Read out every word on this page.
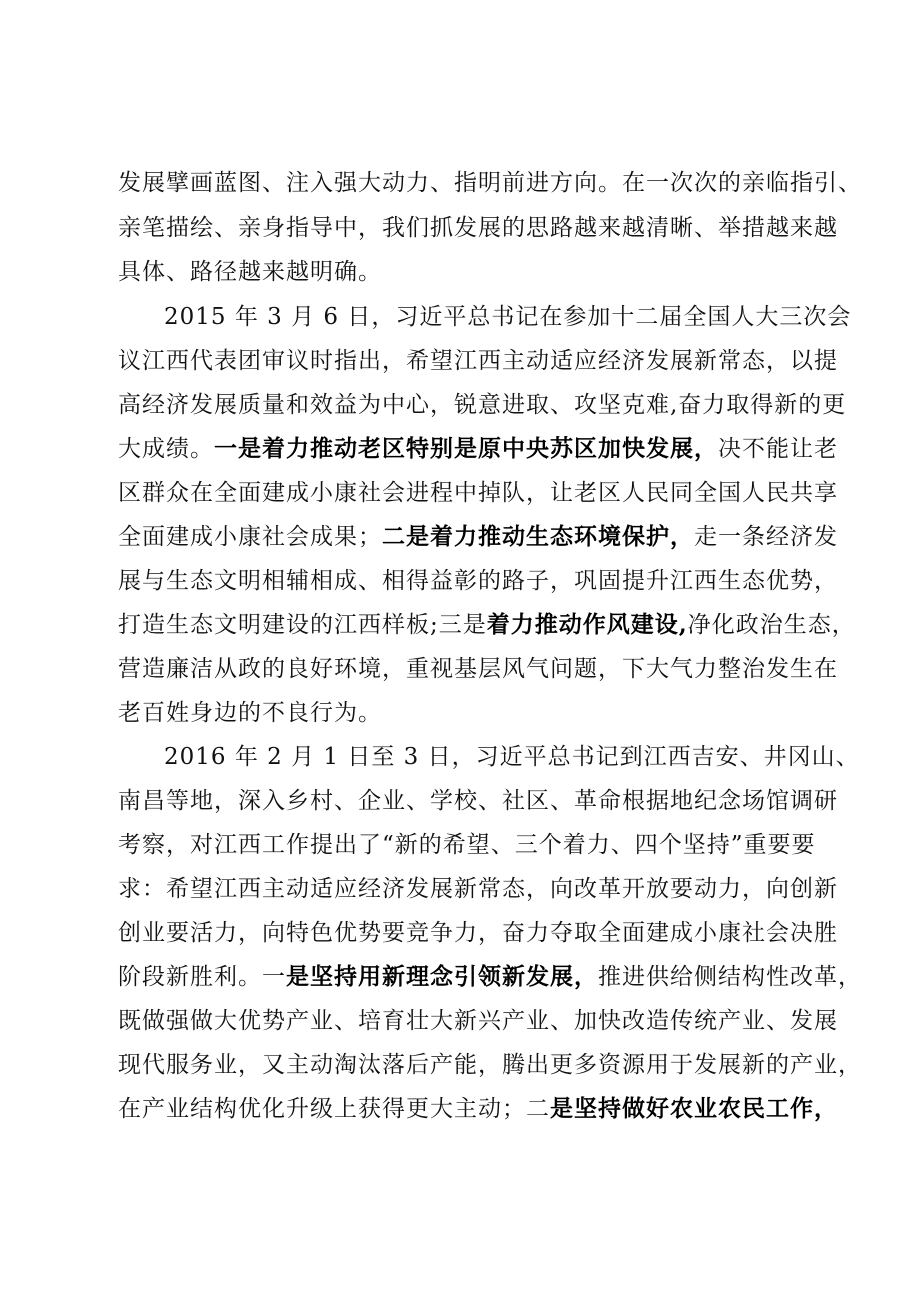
发展擘画蓝图、注入强大动力、指明前进方向。在一次次的亲临指引、
亲笔描绘、亲身指导中，我们抓发展的思路越来越清晰、举措越来越
具体、路径越来越明确。
2015 年 3 月 6 日，习近平总书记在参加十二届全国人大三次会
议江西代表团审议时指出，希望江西主动适应经济发展新常态，以提
高经济发展质量和效益为中心，锐意进取、攻坚克难,奋力取得新的更
大成绩。一是着力推动老区特别是原中央苏区加快发展，决不能让老
区群众在全面建成小康社会进程中掉队，让老区人民同全国人民共享
全面建成小康社会成果；二是着力推动生态环境保护，走一条经济发
展与生态文明相辅相成、相得益彰的路子，巩固提升江西生态优势，
打造生态文明建设的江西样板;三是着力推动作风建设,净化政治生态，
营造廉洁从政的良好环境，重视基层风气问题，下大气力整治发生在
老百姓身边的不良行为。
2016 年 2 月 1 日至 3 日，习近平总书记到江西吉安、井冈山、
南昌等地，深入乡村、企业、学校、社区、革命根据地纪念场馆调研
考察，对江西工作提出了“新的希望、三个着力、四个坚持”重要要
求：希望江西主动适应经济发展新常态，向改革开放要动力，向创新
创业要活力，向特色优势要竞争力，奋力夺取全面建成小康社会决胜
阶段新胜利。一是坚持用新理念引领新发展，推进供给侧结构性改革，
既做强做大优势产业、培育壮大新兴产业、加快改造传统产业、发展
现代服务业，又主动淘汰落后产能，腾出更多资源用于发展新的产业，
在产业结构优化升级上获得更大主动；二是坚持做好农业农民工作，
